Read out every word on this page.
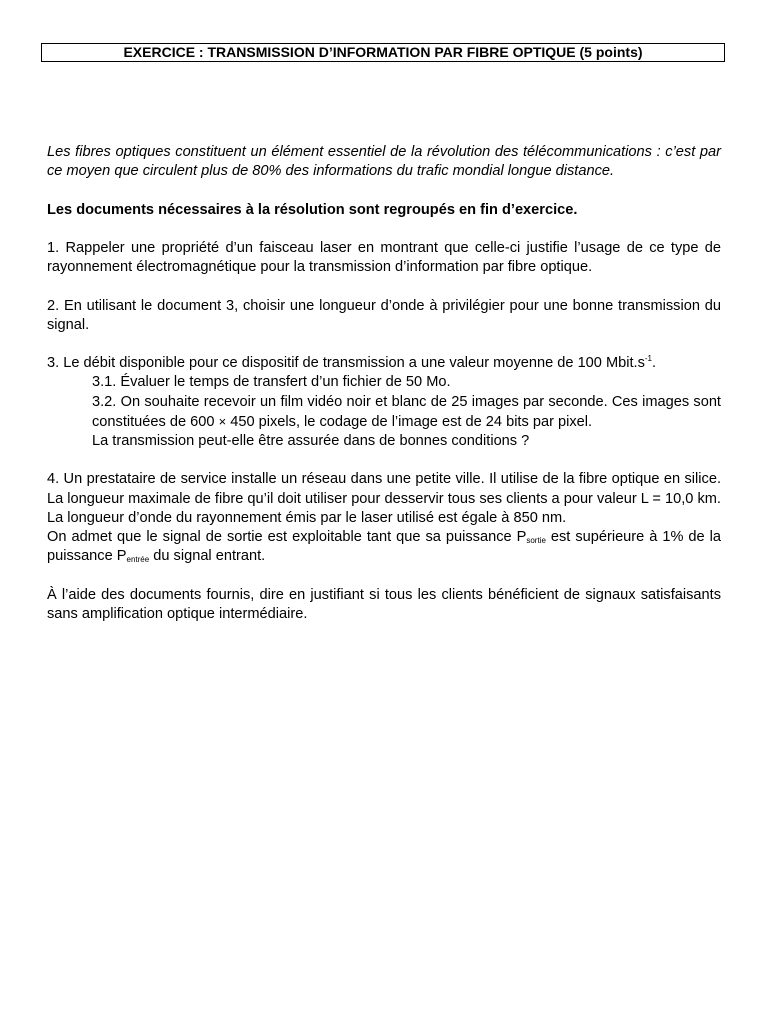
EXERCICE : TRANSMISSION D’INFORMATION PAR FIBRE OPTIQUE (5 points)

Les fibres optiques constituent un élément essentiel de la révolution des télécommunications : c’est par ce moyen que circulent plus de 80% des informations du trafic mondial longue distance.

Les documents nécessaires à la résolution sont regroupés en fin d’exercice.

1. Rappeler une propriété d’un faisceau laser en montrant que celle-ci justifie l’usage de ce type de rayonnement électromagnétique pour la transmission d’information par fibre optique.

2. En utilisant le document 3, choisir une longueur d’onde à privilégier pour une bonne transmission du signal.

3. Le débit disponible pour ce dispositif de transmission a une valeur moyenne de 100 $Mbit.s^{-1}$.

3.1. Évaluer le temps de transfert d’un fichier de 50 Mo.

3.2. On souhaite recevoir un film vidéo noir et blanc de 25 images par seconde. Ces images sont constituées de 600 × 450 pixels, le codage de l’image est de 24 bits par pixel.

La transmission peut-elle être assurée dans de bonnes conditions ?

4. Un prestataire de service installe un réseau dans une petite ville. Il utilise de la fibre optique en silice. La longueur maximale de fibre qu’il doit utiliser pour desservir tous ses clients a pour valeur L = 10,0 km.

La longueur d’onde du rayonnement émis par le laser utilisé est égale à 850 nm.

On admet que le signal de sortie est exploitable tant que sa puissance $P_{sortie}$ est supérieure à 1% de la puissance $P_{entrée}$ du signal entrant.

À l’aide des documents fournis, dire en justifiant si tous les clients bénéficient de signaux satisfaisants sans amplification optique intermédiaire.
